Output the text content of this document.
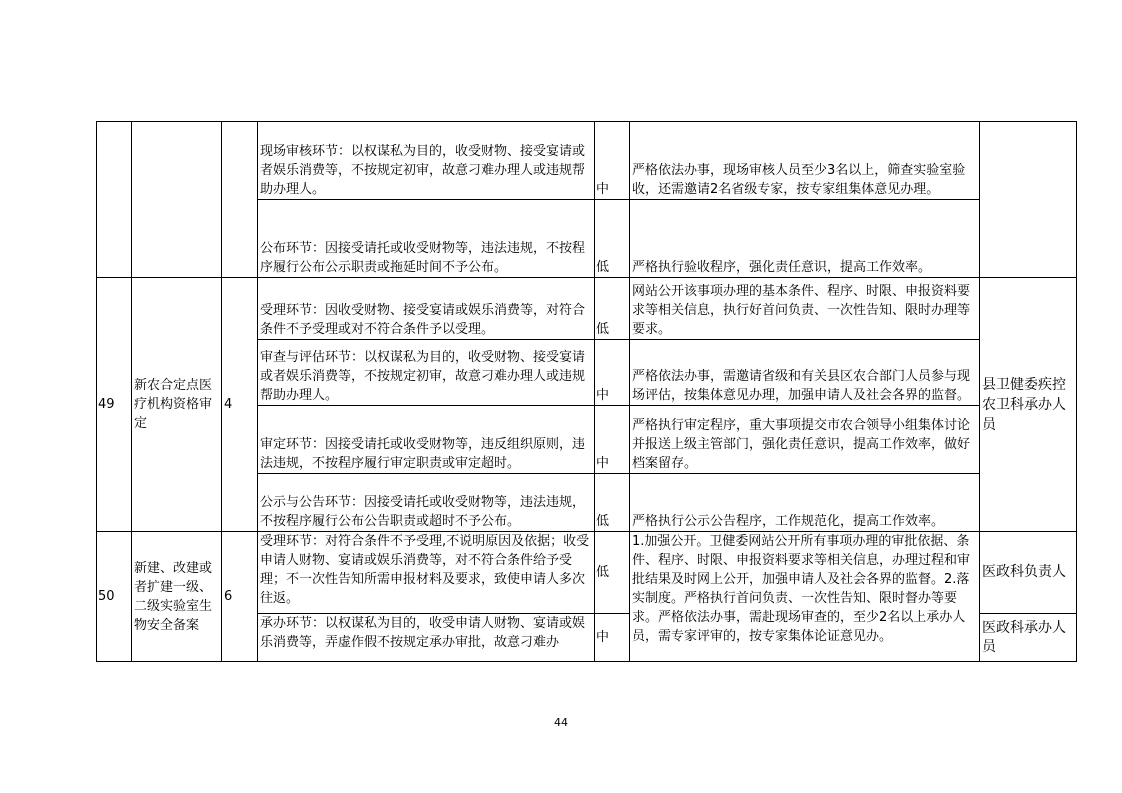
			现场审核环节：以权谋私为目的，收受财物、接受宴请或者娱乐消费等，不按规定初审，故意刁难办理人或违规帮助办理人。	中	严格依法办事，现场审核人员至少3名以上，筛查实验室验收，还需邀请2名省级专家，按专家组集体意见办理。	
			公布环节：因接受请托或收受财物等，违法违规，不按程序履行公布公示职责或拖延时间不予公布。	低	严格执行验收程序，强化责任意识，提高工作效率。	
49	新农合定点医疗机构资格审定	4	受理环节：因收受财物、接受宴请或娱乐消费等，对符合条件不予受理或对不符合条件予以受理。	低	网站公开该事项办理的基本条件、程序、时限、申报资料要求等相关信息，执行好首问负责、一次性告知、限时办理等要求。	县卫健委疾控农卫科承办人员
			审查与评估环节：以权谋私为目的，收受财物、接受宴请或者娱乐消费等，不按规定初审，故意刁难办理人或违规帮助办理人。	中	严格依法办事，需邀请省级和有关县区农合部门人员参与现场评估，按集体意见办理，加强申请人及社会各界的监督。	
			审定环节：因接受请托或收受财物等，违反组织原则，违法违规，不按程序履行审定职责或审定超时。	中	严格执行审定程序，重大事项提交市农合领导小组集体讨论并报送上级主管部门，强化责任意识，提高工作效率，做好档案留存。	
			公示与公告环节：因接受请托或收受财物等，违法违规，不按程序履行公布公告职责或超时不予公布。	低	严格执行公示公告程序，工作规范化，提高工作效率。	
50	新建、改建或者扩建一级、二级实验室生物安全备案	6	受理环节：对符合条件不予受理,不说明原因及依据；收受申请人财物、宴请或娱乐消费等，对不符合条件给予受理；不一次性告知所需申报材料及要求，致使申请人多次往返。	低	1.加强公开。卫健委网站公开所有事项办理的审批依据、条件、程序、时限、申报资料要求等相关信息，办理过程和审批结果及时网上公开，加强申请人及社会各界的监督。2.落实制度。严格执行首问负责、一次性告知、限时督办等要求。严格依法办事，需赴现场审查的，至少2名以上承办人员，需专家评审的，按专家集体论证意见办。	医政科负责人
			承办环节：以权谋私为目的，收受申请人财物、宴请或娱乐消费等，弄虚作假不按规定承办审批，故意刁难办	中		医政科承办人员
44
